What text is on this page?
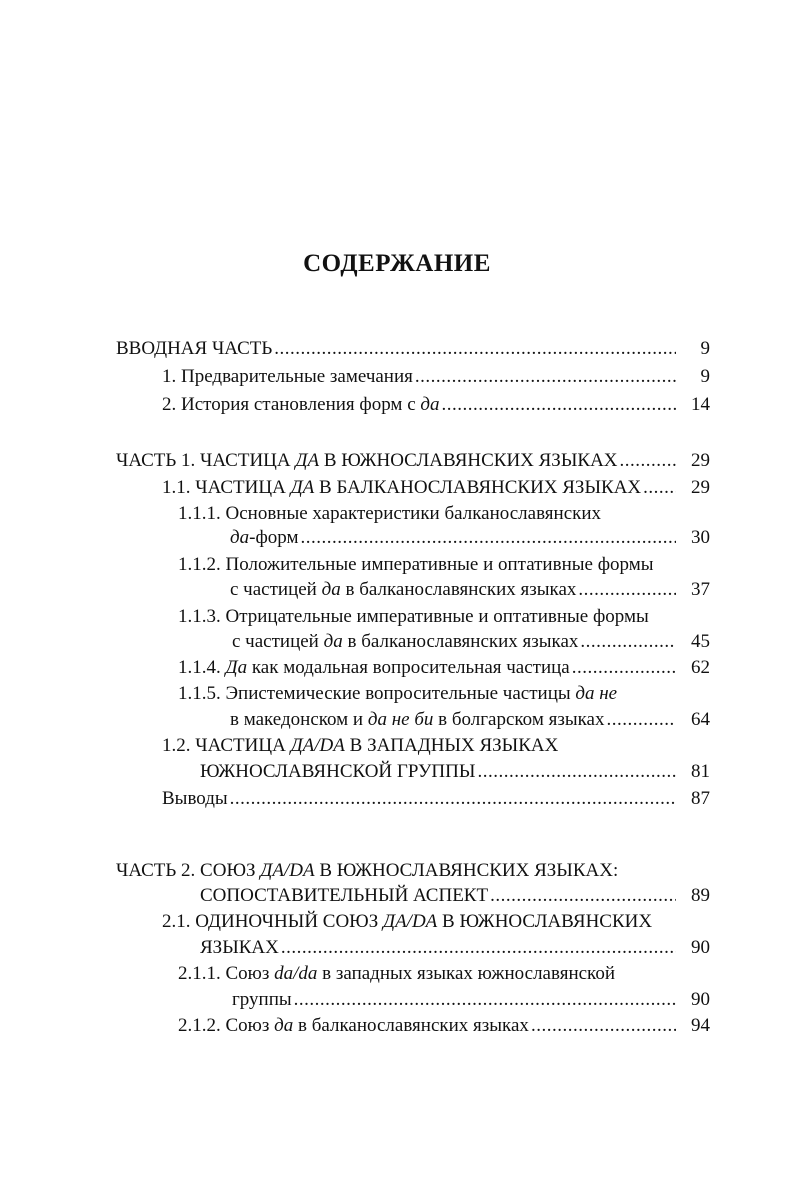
СОДЕРЖАНИЕ
ВВОДНАЯ ЧАСТЬ .....	9
1. Предварительные замечания .....	9
2. История становления форм с да .....	14
ЧАСТЬ 1. ЧАСТИЦА ДА В ЮЖНОСЛАВЯНСКИХ ЯЗЫКАХ .....	29
1.1. ЧАСТИЦА ДА В БАЛКАНОСЛАВЯНСКИХ ЯЗЫКАХ .....	29
1.1.1. Основные характеристики балканославянских
да-форм .....	30
1.1.2. Положительные императивные и оптативные формы
с частицей да в балканославянских языках .....	37
1.1.3. Отрицательные императивные и оптативные формы
с частицей да в балканославянских языках .....	45
1.1.4. Да как модальная вопросительная частица .....	62
1.1.5. Эпистемические вопросительные частицы да не
в македонском и да не би в болгарском языках .....	64
1.2. ЧАСТИЦА ДА/DA В ЗАПАДНЫХ ЯЗЫКАХ
ЮЖНОСЛАВЯНСКОЙ ГРУППЫ .....	81
Выводы .....	87
ЧАСТЬ 2. СОЮЗ ДА/DA В ЮЖНОСЛАВЯНСКИХ ЯЗЫКАХ:
СОПОСТАВИТЕЛЬНЫЙ АСПЕКТ .....	89
2.1. ОДИНОЧНЫЙ СОЮЗ ДА/DA В ЮЖНОСЛАВЯНСКИХ
ЯЗЫКАХ .....	90
2.1.1. Союз da/da в западных языках южнославянской
группы .....	90
2.1.2. Союз да в балканославянских языках .....	94
